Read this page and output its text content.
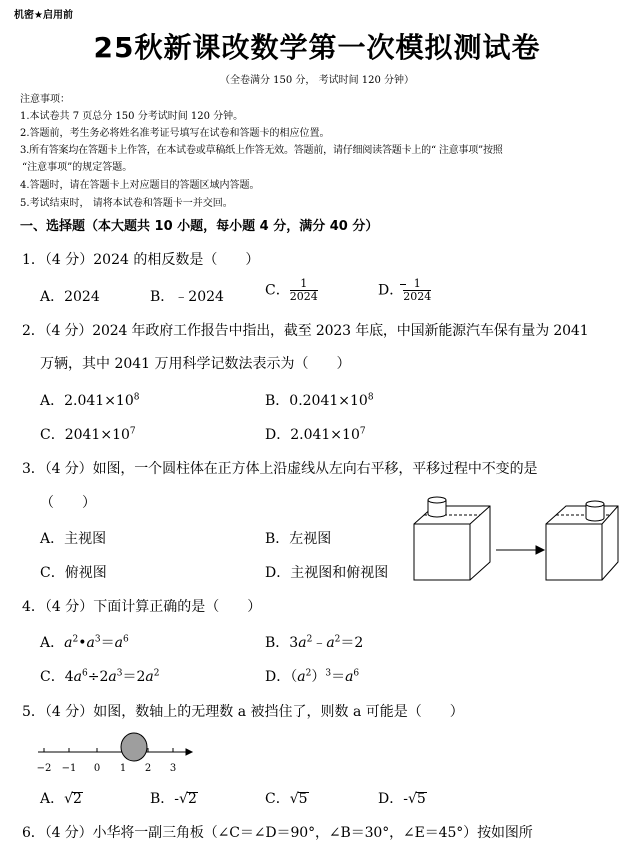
机密★启用前
25秋新课改数学第一次模拟测试卷
（全卷满分 150 分， 考试时间 120 分钟）
注意事项：
1.本试卷共 7 页总分 150 分考试时间 120 分钟。
2.答题前，考生务必将姓名准考证号填写在试卷和答题卡的相应位置。
3.所有答案均在答题卡上作答，在本试卷或草稿纸上作答无效。答题前，请仔细阅读答题卡上的“ 注意事项”按照
“注意事项”的规定答题。
4.答题时，请在答题卡上对应题目的答题区域内答题。
5.考试结束时， 请将本试卷和答题卡一并交回。
一、选择题（本大题共 10 小题，每小题 4 分，满分 40 分）
1．（4 分）2024 的相反数是（　　）
A．2024	B．﹣2024	C． $\frac{1}{2024}$	D． $\frac{1}{2024}$
2．（4 分）2024 年政府工作报告中指出，截至 2023 年底，中国新能源汽车保有量为 2041
万辆，其中 2041 万用科学记数法表示为（　　）
A．$2.041\times 10^8$	B．$0.2041\times 10^8$
C．$2041\times 10^7$	D．$2.041\times 10^7$
3．（4 分）如图，一个圆柱体在正方体上沿虚线从左向右平移，平移过程中不变的是
（　　）
A．主视图	B．左视图
C．俯视图	D．主视图和俯视图
4．（4 分）下面计算正确的是（　　）
A．$a^2•a^3=a^6$	B．$3a^2﹣a^2=2$
C．$4a^6\div 2a^3=2a^2$	D．$(a^2)^3=a^6$
5．（4 分）如图，数轴上的无理数 a 被挡住了，则数 a 可能是（　　）
−2 −1 0 1 2 3
A．√2	B．-√2	C．√5	D．-√5
6．（4 分）小华将一副三角板（∠C＝∠D＝90°，∠B＝30°，∠E＝45°）按如图所
